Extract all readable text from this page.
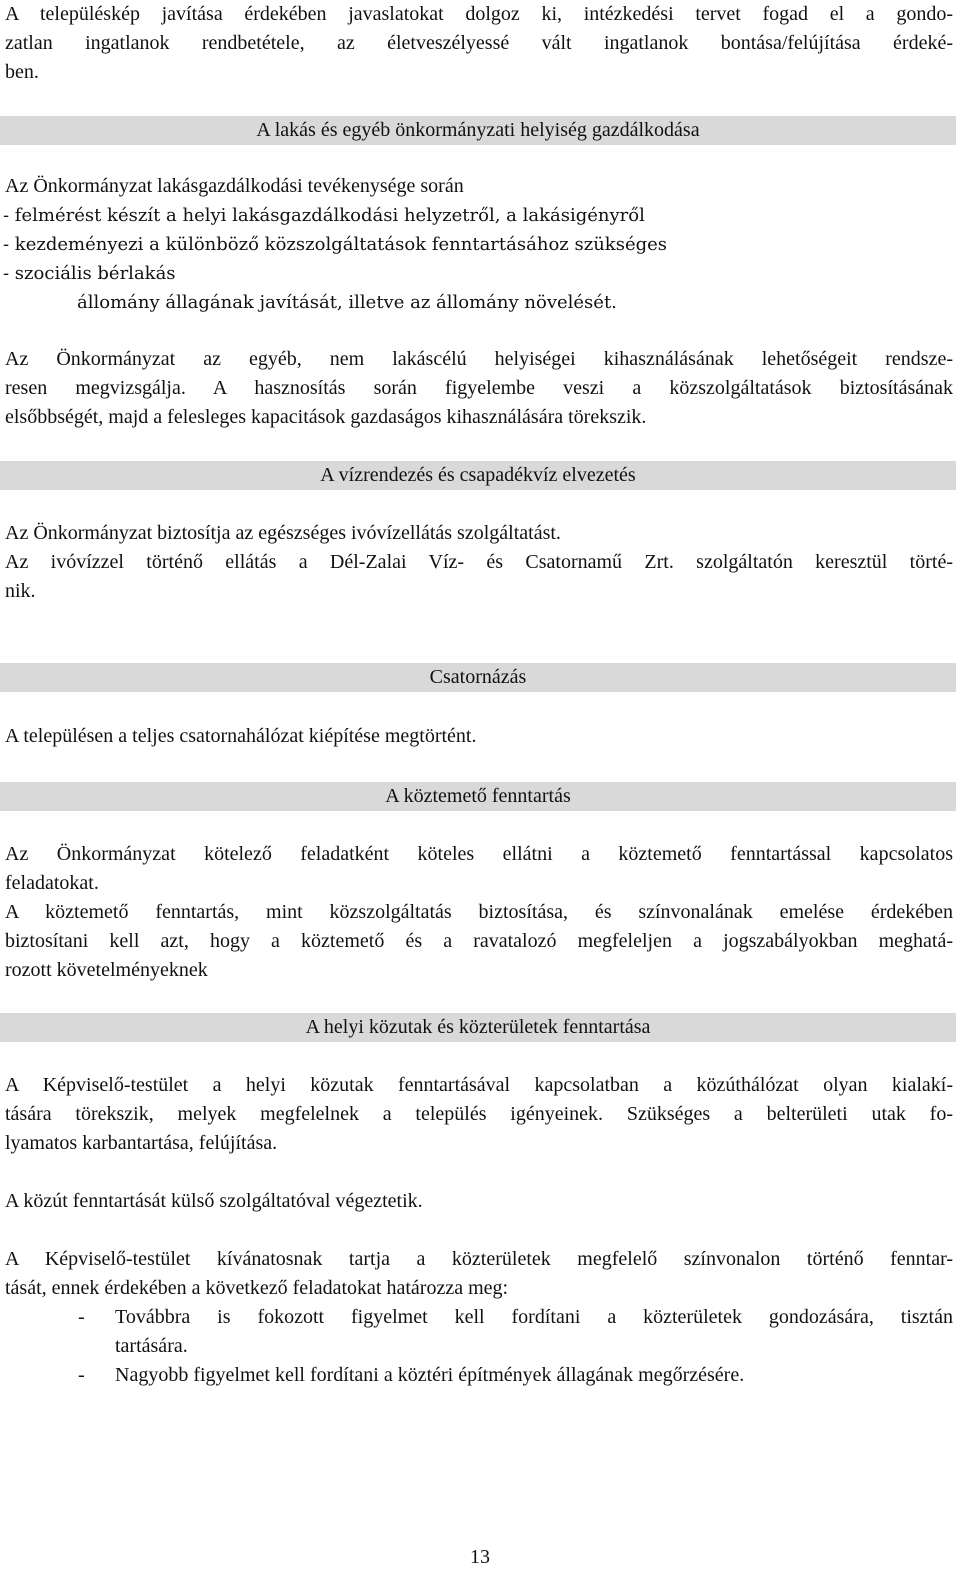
A településkép javítása érdekében javaslatokat dolgoz ki, intézkedési tervet fogad el a gondo-
zatlan ingatlanok rendbetétele, az életveszélyessé vált ingatlanok bontása/felújítása érdeké-
ben.
A lakás és egyéb önkormányzati helyiség gazdálkodása
Az Önkormányzat lakásgazdálkodási tevékenysége során
- felmérést készít a helyi lakásgazdálkodási helyzetről, a lakásigényről
- kezdeményezi a különböző közszolgáltatások fenntartásához szükséges
- szociális bérlakás
állomány állagának javítását, illetve az állomány növelését.
Az Önkormányzat az egyéb, nem lakáscélú helyiségei kihasználásának lehetőségeit rendsze-
resen megvizsgálja. A hasznosítás során figyelembe veszi a közszolgáltatások biztosításának
elsőbbségét, majd a felesleges kapacitások gazdaságos kihasználására törekszik.
A vízrendezés és csapadékvíz elvezetés
Az Önkormányzat biztosítja az egészséges ivóvízellátás szolgáltatást.
Az ivóvízzel történő ellátás a Dél-Zalai Víz- és Csatornamű Zrt. szolgáltatón keresztül törté-
nik.
Csatornázás
A településen a teljes csatornahálózat kiépítése megtörtént.
A köztemető fenntartás
Az Önkormányzat kötelező feladatként köteles ellátni a köztemető fenntartással kapcsolatos
feladatokat.
A köztemető fenntartás, mint közszolgáltatás biztosítása, és színvonalának emelése érdekében
biztosítani kell azt, hogy a köztemető és a ravatalozó megfeleljen a jogszabályokban meghatá-
rozott követelményeknek
A helyi közutak és közterületek fenntartása
A Képviselő-testület a helyi közutak fenntartásával kapcsolatban a közúthálózat olyan kialakí-
tására törekszik, melyek megfelelnek a település igényeinek. Szükséges a belterületi utak fo-
lyamatos karbantartása, felújítása.
A közút fenntartását külső szolgáltatóval végeztetik.
A Képviselő-testület kívánatosnak tartja a közterületek megfelelő színvonalon történő fenntar-
tását, ennek érdekében a következő feladatokat határozza meg:
- Továbbra is fokozott figyelmet kell fordítani a közterületek gondozására, tisztán
tartására.
- Nagyobb figyelmet kell fordítani a köztéri építmények állagának megőrzésére.
13
